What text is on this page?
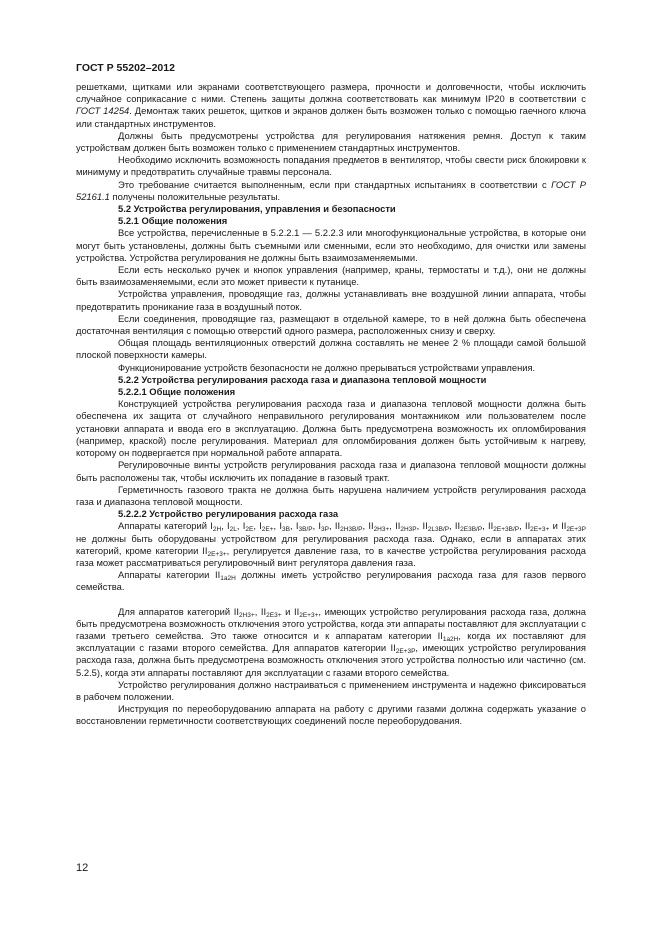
ГОСТ Р 55202–2012

решетками, щитками или экранами соответствующего размера, прочности и долговечности, чтобы исключить случайное соприкасание с ними. Степень защиты должна соответствовать как минимум IP20 в соответствии с ГОСТ 14254. Демонтаж таких решеток, щитков и экранов должен быть возможен только с помощью гаечного ключа или стандартных инструментов.

Должны быть предусмотрены устройства для регулирования натяжения ремня. Доступ к таким устройствам должен быть возможен только с применением стандартных инструментов.

Необходимо исключить возможность попадания предметов в вентилятор, чтобы свести риск блокировки к минимуму и предотвратить случайные травмы персонала.

Это требование считается выполненным, если при стандартных испытаниях в соответствии с ГОСТ Р 52161.1 получены положительные результаты.

5.2 Устройства регулирования, управления и безопасности

5.2.1 Общие положения

Все устройства, перечисленные в 5.2.2.1 — 5.2.2.3 или многофункциональные устройства, в которые они могут быть установлены, должны быть съемными или сменными, если это необходимо, для очистки или замены устройства. Устройства регулирования не должны быть взаимозаменяемыми.

Если есть несколько ручек и кнопок управления (например, краны, термостаты и т.д.), они не должны быть взаимозаменяемыми, если это может привести к путанице.

Устройства управления, проводящие газ, должны устанавливать вне воздушной линии аппарата, чтобы предотвратить проникание газа в воздушный поток.

Если соединения, проводящие газ, размещают в отдельной камере, то в ней должна быть обеспечена достаточная вентиляция с помощью отверстий одного размера, расположенных снизу и сверху.

Общая площадь вентиляционных отверстий должна составлять не менее 2 % площади самой большой плоской поверхности камеры.

Функционирование устройств безопасности не должно прерываться устройствами управления.

5.2.2 Устройства регулирования расхода газа и диапазона тепловой мощности

5.2.2.1 Общие положения

Конструкцией устройства регулирования расхода газа и диапазона тепловой мощности должна быть обеспечена их защита от случайного неправильного регулирования монтажником или пользователем после установки аппарата и ввода его в эксплуатацию. Должна быть предусмотрена возможность их опломбирования (например, краской) после регулирования. Материал для опломбирования должен быть устойчивым к нагреву, которому он подвергается при нормальной работе аппарата.

Регулировочные винты устройств регулирования расхода газа и диапазона тепловой мощности должны быть расположены так, чтобы исключить их попадание в газовый тракт.

Герметичность газового тракта не должна быть нарушена наличием устройств регулирования расхода газа и диапазона тепловой мощности.

5.2.2.2 Устройство регулирования расхода газа

Аппараты категорий $I_{2H}$, $I_{2L}$, $I_{2E}$, $I_{2E+}$, $I_{3B}$, $I_{3B/P}$, $I_{3P}$, $II_{2H3B/P}$, $II_{2H3+}$, $II_{2H3P}$, $II_{2L3B/P}$, $II_{2E3B/P}$, $II_{2E+3B/P}$, $II_{2E+3+}$ и $II_{2E+3P}$ не должны быть оборудованы устройством для регулирования расхода газа. Однако, если в аппаратах этих категорий, кроме категории $II_{2E+3+}$, регулируется давление газа, то в качестве устройства регулирования расхода газа может рассматриваться регулировочный винт регулятора давления газа.

Аппараты категории $II_{1a2H}$ должны иметь устройство регулирования расхода газа для газов первого семейства.

Для аппаратов категорий $II_{2H3+}$, $II_{2E3+}$ и $II_{2E+3+}$, имеющих устройство регулирования расхода газа, должна быть предусмотрена возможность отключения этого устройства, когда эти аппараты поставляют для эксплуатации с газами третьего семейства. Это также относится и к аппаратам категории $II_{1a2H}$, когда их поставляют для эксплуатации с газами второго семейства. Для аппаратов категории $II_{2E+3P}$, имеющих устройство регулирования расхода газа, должна быть предусмотрена возможность отключения этого устройства полностью или частично (см. 5.2.5), когда эти аппараты поставляют для эксплуатации с газами второго семейства.

Устройство регулирования должно настраиваться с применением инструмента и надежно фиксироваться в рабочем положении.

Инструкция по переоборудованию аппарата на работу с другими газами должна содержать указание о восстановлении герметичности соответствующих соединений после переоборудования.

12
